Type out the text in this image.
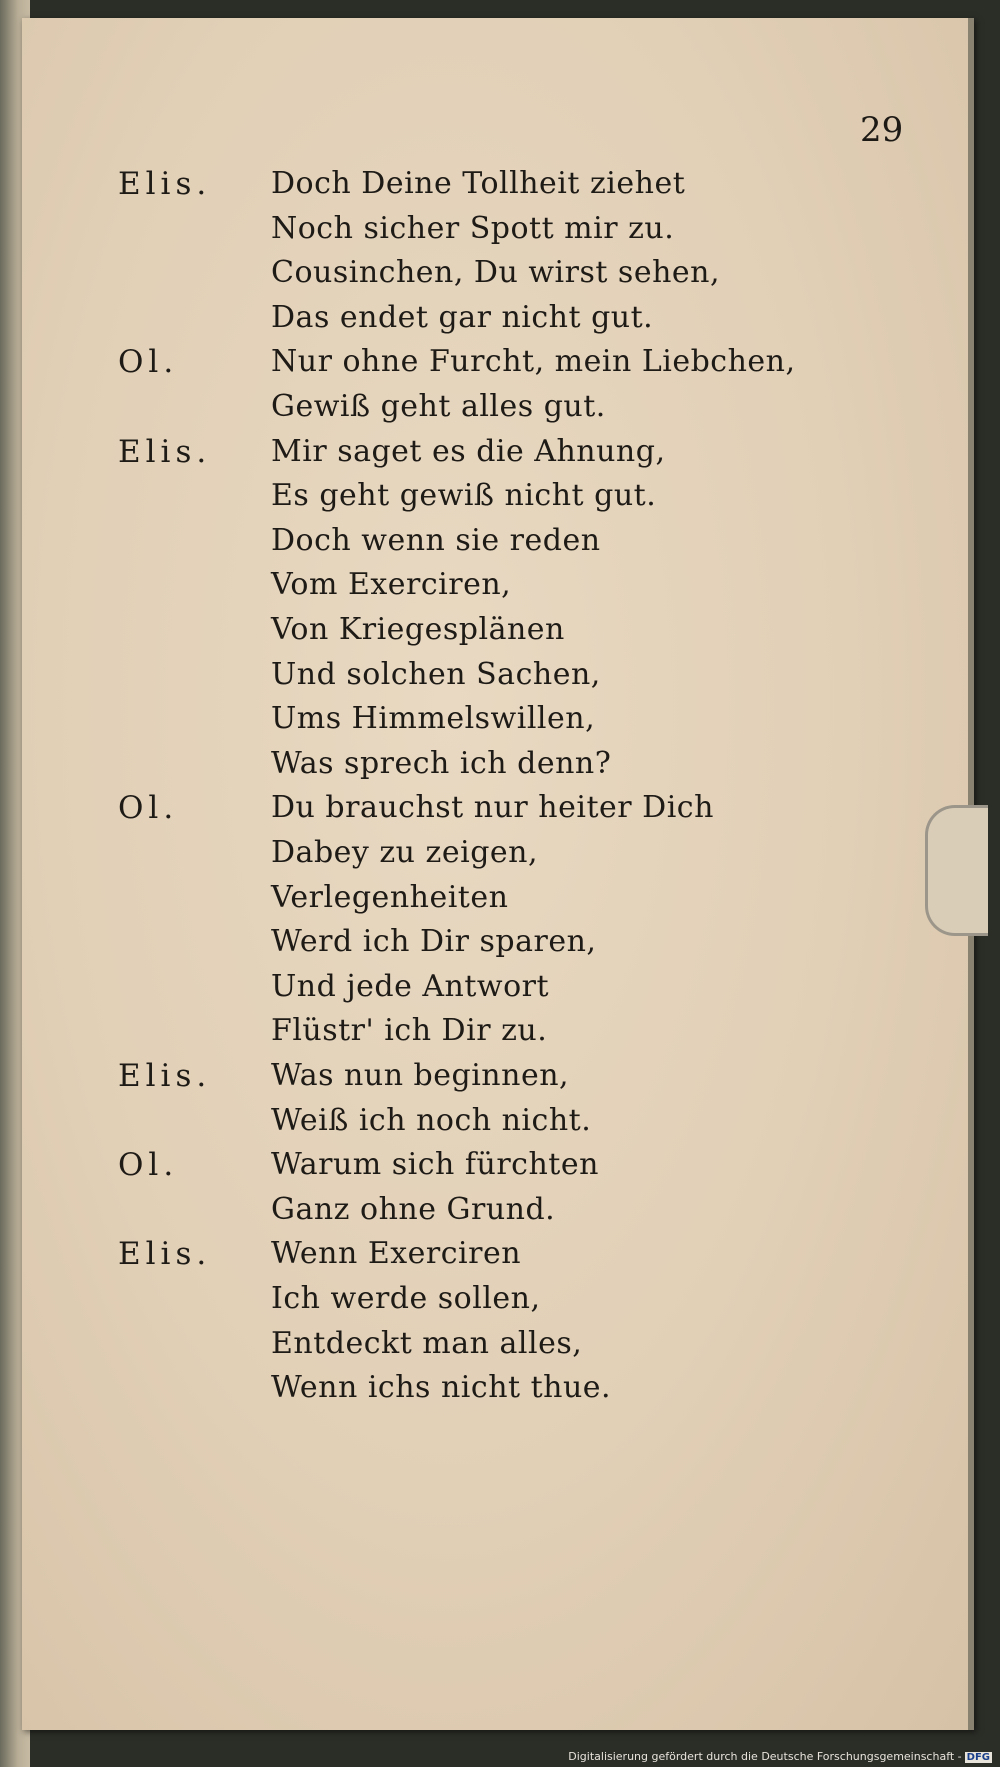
29
Elis. Doch Deine Tollheit ziehet
Noch sicher Spott mir zu.
Cousinchen, Du wirst sehen,
Das endet gar nicht gut.
Ol.	Nur ohne Furcht, mein Liebchen,
Gewiß geht alles gut.
Elis. Mir saget es die Ahnung,
Es geht gewiß nicht gut.
Doch wenn sie reden
Vom Exerciren,
Von Kriegesplänen
Und solchen Sachen,
Ums Himmelswillen,
Was sprech ich denn?
Ol.	Du brauchst nur heiter Dich
Dabey zu zeigen,
Verlegenheiten
Werd ich Dir sparen,
Und jede Antwort
Flüstr' ich Dir zu.
Elis. Was nun beginnen,
Weiß ich noch nicht.
Ol.	Warum sich fürchten
Ganz ohne Grund.
Elis. Wenn Exerciren
Ich werde sollen,
Entdeckt man alles,
Wenn ichs nicht thue.
Digitalisierung gefördert durch die Deutsche Forschungsgemeinschaft - DFG
